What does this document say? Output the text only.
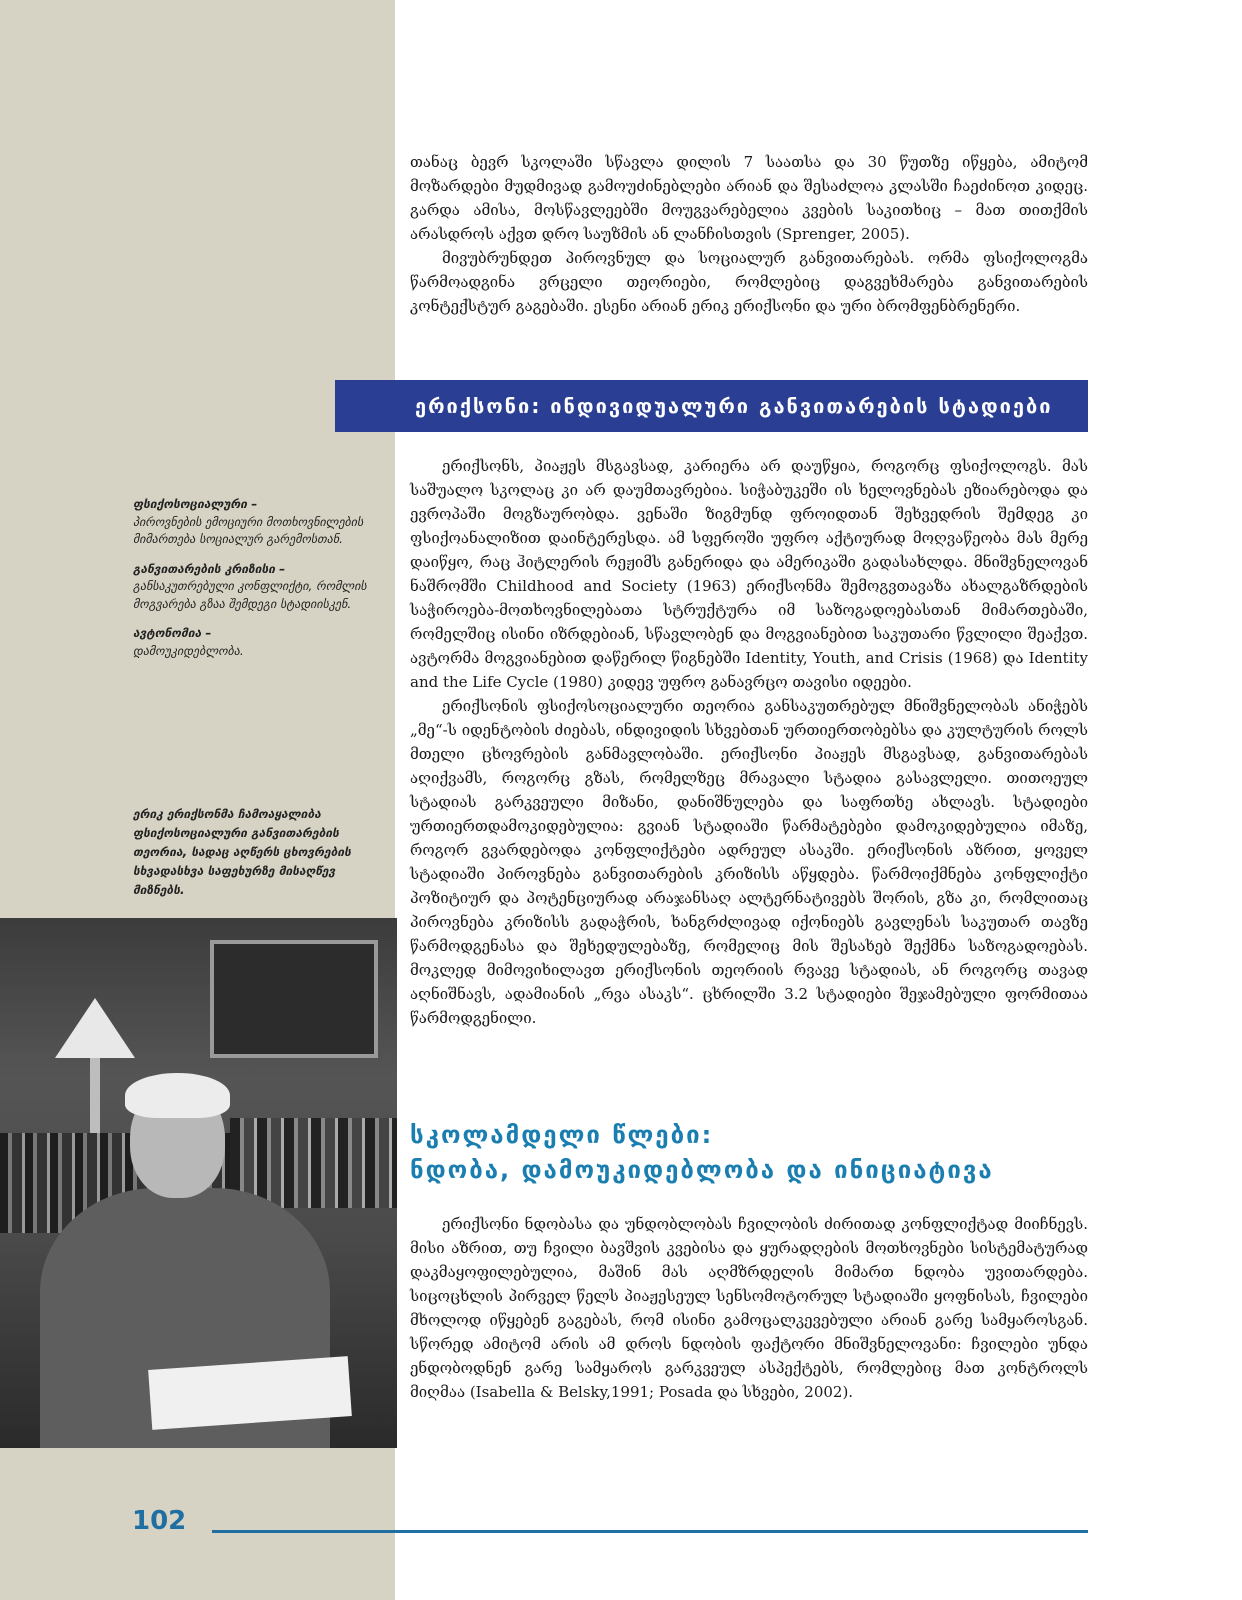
ფსიქოსოციალური –
პიროვნების ემოციური მოთხოვნილების მიმართება სოციალურ გარემოსთან.
განვითარების კრიზისი –
განსაკუთრებული კონფლიქტი, რომლის მოგვარება გზაა შემდეგი სტადიისკენ.
ავტონომია –
დამოუკიდებლობა.
ერიკ ერიქსონმა ჩამოაყალიბა ფსიქოსოციალური განვითარების თეორია, სადაც აღწერს ცხოვრების სხვადასხვა საფეხურზე მისაღწევ მიზნებს.

თანაც ბევრ სკოლაში სწავლა დილის 7 საათსა და 30 წუთზე იწყება, ამიტომ მოზარდები მუდმივად გამოუძინებლები არიან და შესაძლოა კლასში ჩაეძინოთ კიდეც. გარდა ამისა, მოსწავლეებში მოუგვარებელია კვების საკითხიც – მათ თითქმის არასდროს აქვთ დრო საუზმის ან ლანჩისთვის (Sprenger, 2005).

მივუბრუნდეთ პიროვნულ და სოციალურ განვითარებას. ორმა ფსიქოლოგმა წარმოადგინა ვრცელი თეორიები, რომლებიც დაგვეხმარება განვითარების კონტექსტურ გაგებაში. ესენი არიან ერიკ ერიქსონი და ური ბრომფენბრენერი.

ერიქსონი: ინდივიდუალური განვითარების სტადიები

ერიქსონს, პიაჟეს მსგავსად, კარიერა არ დაუწყია, როგორც ფსიქოლოგს. მას საშუალო სკოლაც კი არ დაუმთავრებია. სიჭაბუკეში ის ხელოვნებას ეზიარებოდა და ევროპაში მოგზაურობდა. ვენაში ზიგმუნდ ფროიდთან შეხვედრის შემდეგ კი ფსიქოანალიზით დაინტერესდა. ამ სფეროში უფრო აქტიურად მოღვაწეობა მას მერე დაიწყო, რაც ჰიტლერის რეჟიმს განერიდა და ამერიკაში გადასახლდა. მნიშვნელოვან ნაშრომში Childhood and Society (1963) ერიქსონმა შემოგვთავაზა ახალგაზრდების საჭიროება-მოთხოვნილებათა სტრუქტურა იმ საზოგადოებასთან მიმართებაში, რომელშიც ისინი იზრდებიან, სწავლობენ და მოგვიანებით საკუთარი წვლილი შეაქვთ. ავტორმა მოგვიანებით დაწერილ წიგნებში Identity, Youth, and Crisis (1968) და Identity and the Life Cycle (1980) კიდევ უფრო განავრცო თავისი იდეები.

ერიქსონის ფსიქოსოციალური თეორია განსაკუთრებულ მნიშვნელობას ანიჭებს „მე“-ს იდენტობის ძიებას, ინდივიდის სხვებთან ურთიერთობებსა და კულტურის როლს მთელი ცხოვრების განმავლობაში. ერიქსონი პიაჟეს მსგავსად, განვითარებას აღიქვამს, როგორც გზას, რომელზეც მრავალი სტადია გასავლელი. თითოეულ სტადიას გარკვეული მიზანი, დანიშნულება და საფრთხე ახლავს. სტადიები ურთიერთდამოკიდებულია: გვიან სტადიაში წარმატებები დამოკიდებულია იმაზე, როგორ გვარდებოდა კონფლიქტები ადრეულ ასაკში. ერიქსონის აზრით, ყოველ სტადიაში პიროვნება განვითარების კრიზისს აწყდება. წარმოიქმნება კონფლიქტი პოზიტიურ და პოტენციურად არაჯანსაღ ალტერნატივებს შორის, გზა კი, რომლითაც პიროვნება კრიზისს გადაჭრის, ხანგრძლივად იქონიებს გავლენას საკუთარ თავზე წარმოდგენასა და შეხედულებაზე, რომელიც მის შესახებ შექმნა საზოგადოებას. მოკლედ მიმოვიხილავთ ერიქსონის თეორიის რვავე სტადიას, ან როგორც თავად აღნიშნავს, ადამიანის „რვა ასაკს“. ცხრილში 3.2 სტადიები შეჯამებული ფორმითაა წარმოდგენილი.

სკოლამდელი წლები:
ნდობა, დამოუკიდებლობა და ინიციატივა

ერიქსონი ნდობასა და უნდობლობას ჩვილობის ძირითად კონფლიქტად მიიჩნევს. მისი აზრით, თუ ჩვილი ბავშვის კვებისა და ყურადღების მოთხოვნები სისტემატურად დაკმაყოფილებულია, მაშინ მას აღმზრდელის მიმართ ნდობა უვითარდება. სიცოცხლის პირველ წელს პიაჟესეულ სენსომოტორულ სტადიაში ყოფნისას, ჩვილები მხოლოდ იწყებენ გაგებას, რომ ისინი გამოცალკევებული არიან გარე სამყაროსგან. სწორედ ამიტომ არის ამ დროს ნდობის ფაქტორი მნიშვნელოვანი: ჩვილები უნდა ენდობოდნენ გარე სამყაროს გარკვეულ ასპექტებს, რომლებიც მათ კონტროლს მიღმაა (Isabella & Belsky,1991; Posada და სხვები, 2002).

102
